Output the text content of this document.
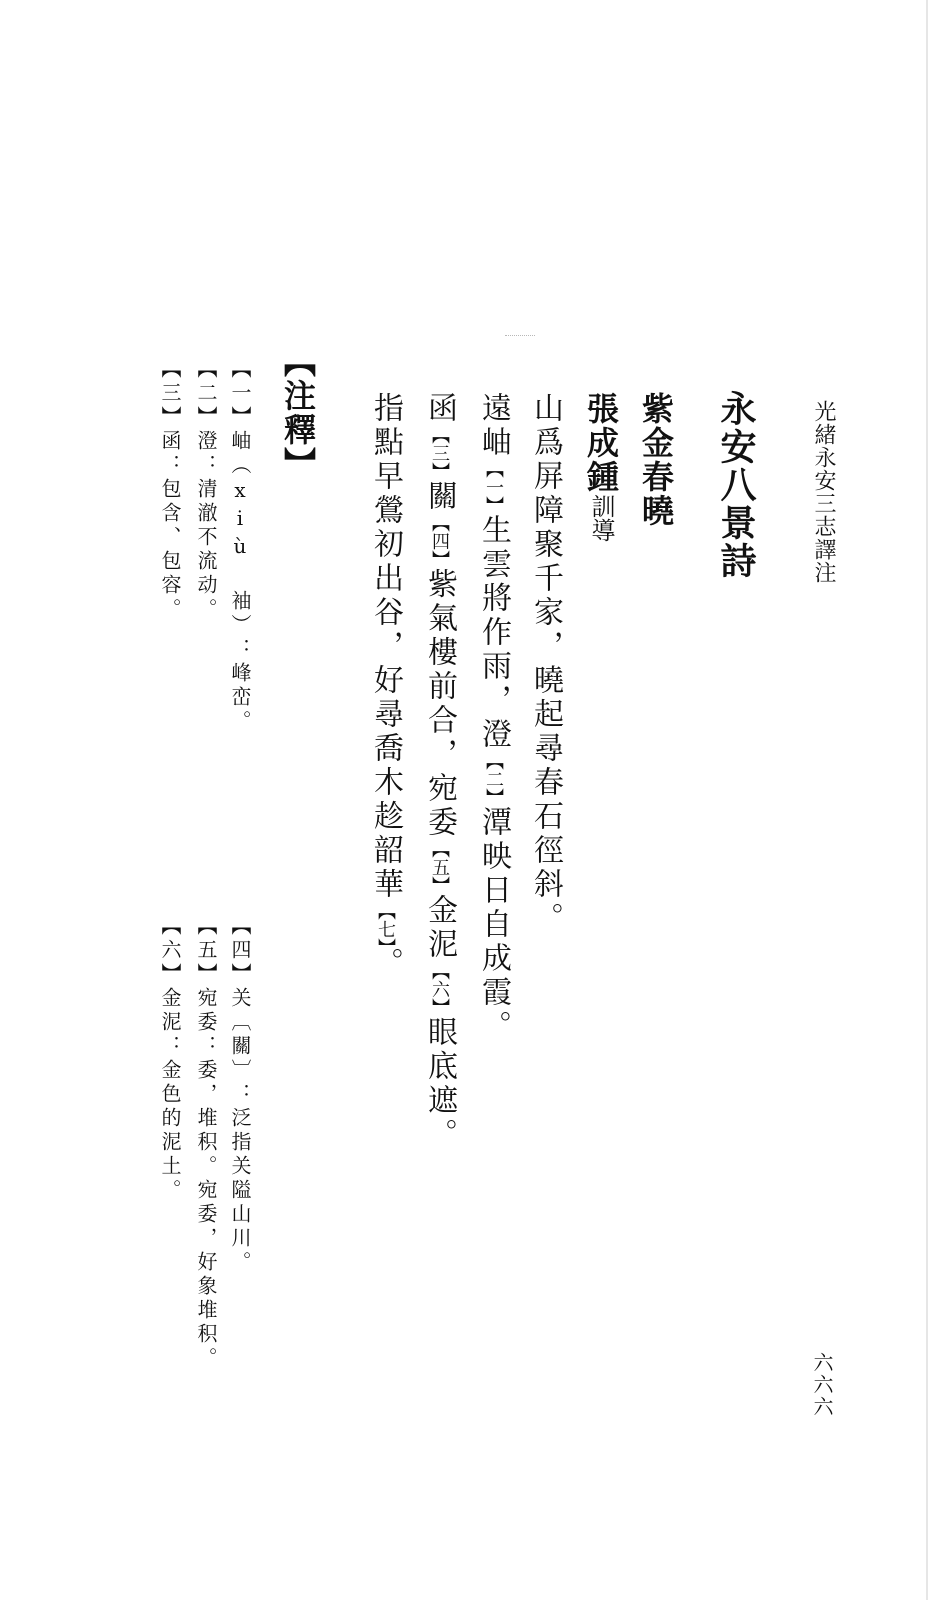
光緒永安三志譯注

永安八景詩
紫金春曉

張成鍾訓導

山爲屏障聚千家，曉起尋春石徑斜。

遠岫【一】生雲將作雨，澄【二】潭映日自成霞。

函【三】關【四】紫氣樓前合，宛委【五】金泥【六】眼底遮。

指點早鶯初出谷，好尋喬木趁韶華【七】。

【注釋】

【一】岫（xiù 袖）：峰峦。

【二】澄：清澈不流动。

【三】函：包含、包容。

【四】关〔關〕：泛指关隘山川。

【五】宛委：委，堆积。宛委，好象堆积。

【六】金泥：金色的泥土。

六六六
